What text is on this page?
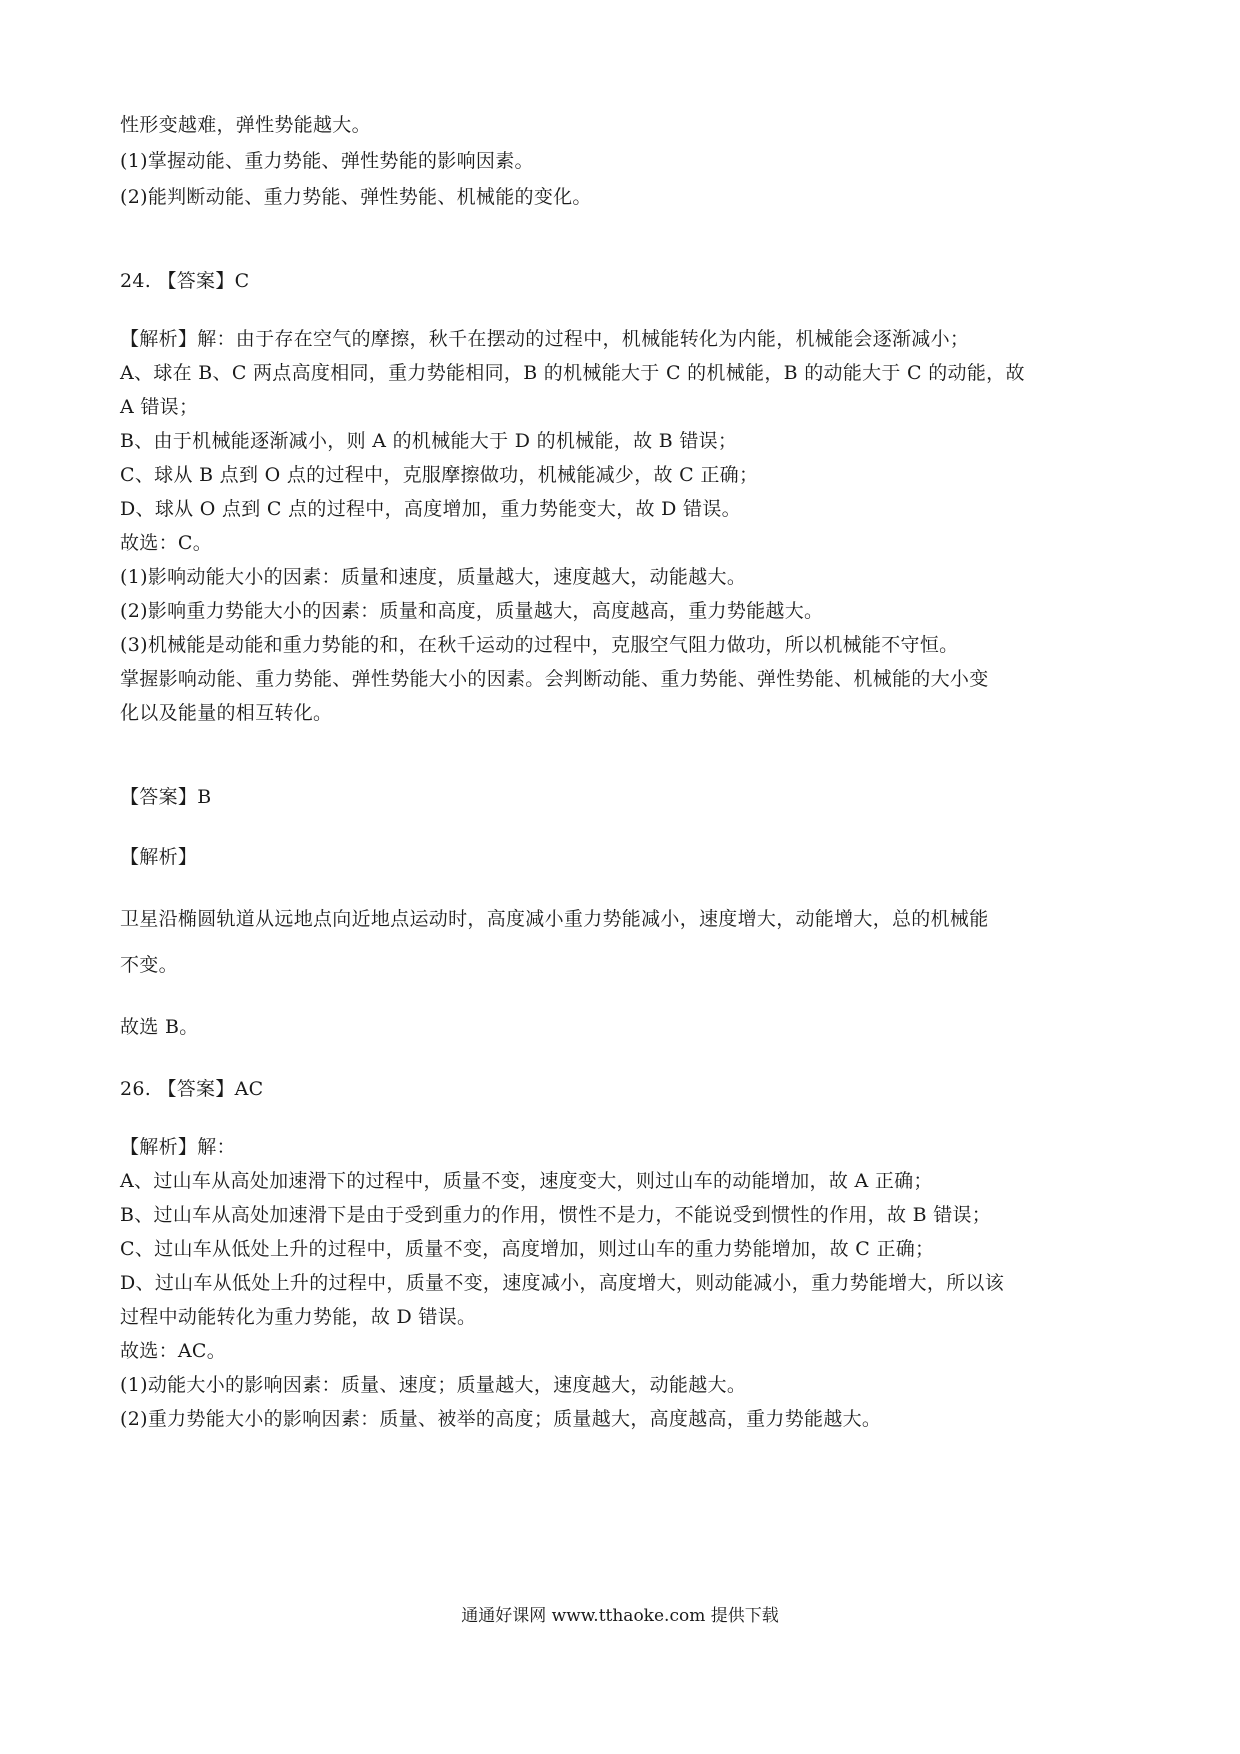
性形变越难，弹性势能越大。
(1)掌握动能、重力势能、弹性势能的影响因素。
(2)能判断动能、重力势能、弹性势能、机械能的变化。
24. 【答案】C
【解析】解：由于存在空气的摩擦，秋千在摆动的过程中，机械能转化为内能，机械能会逐渐减小；
A、球在 B、C 两点高度相同，重力势能相同，B 的机械能大于 C 的机械能，B 的动能大于 C 的动能，故
A 错误；
B、由于机械能逐渐减小，则 A 的机械能大于 D 的机械能，故 B 错误；
C、球从 B 点到 O 点的过程中，克服摩擦做功，机械能减少，故 C 正确；
D、球从 O 点到 C 点的过程中，高度增加，重力势能变大，故 D 错误。
故选：C。
(1)影响动能大小的因素：质量和速度，质量越大，速度越大，动能越大。
(2)影响重力势能大小的因素：质量和高度，质量越大，高度越高，重力势能越大。
(3)机械能是动能和重力势能的和，在秋千运动的过程中，克服空气阻力做功，所以机械能不守恒。
掌握影响动能、重力势能、弹性势能大小的因素。会判断动能、重力势能、弹性势能、机械能的大小变
化以及能量的相互转化。
【答案】B
【解析】
卫星沿椭圆轨道从远地点向近地点运动时，高度减小重力势能减小，速度增大，动能增大，总的机械能
不变。
故选 B。
26. 【答案】AC
【解析】解：
A、过山车从高处加速滑下的过程中，质量不变，速度变大，则过山车的动能增加，故 A 正确；
B、过山车从高处加速滑下是由于受到重力的作用，惯性不是力，不能说受到惯性的作用，故 B 错误；
C、过山车从低处上升的过程中，质量不变，高度增加，则过山车的重力势能增加，故 C 正确；
D、过山车从低处上升的过程中，质量不变，速度减小，高度增大，则动能减小，重力势能增大，所以该
过程中动能转化为重力势能，故 D 错误。
故选：AC。
(1)动能大小的影响因素：质量、速度；质量越大，速度越大，动能越大。
(2)重力势能大小的影响因素：质量、被举的高度；质量越大，高度越高，重力势能越大。
通通好课网 www.tthaoke.com 提供下载
